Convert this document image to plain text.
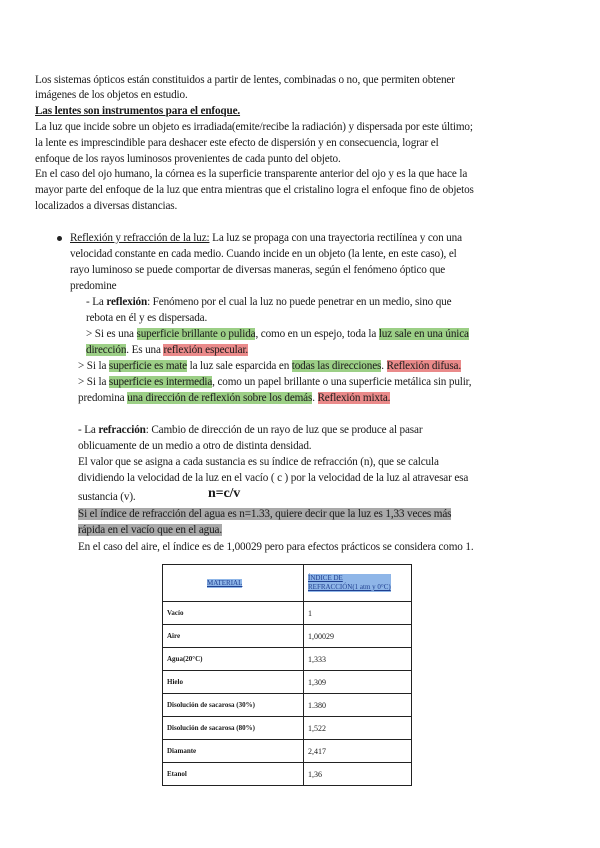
Los sistemas ópticos están constituidos a partir de lentes, combinadas o no, que permiten obtener
imágenes de los objetos en estudio.
Las lentes son instrumentos para el enfoque.
La luz que incide sobre un objeto es irradiada(emite/recibe la radiación) y dispersada por este último;
la lente es imprescindible para deshacer este efecto de dispersión y en consecuencia, lograr el
enfoque de los rayos luminosos provenientes de cada punto del objeto.
En el caso del ojo humano, la córnea es la superficie transparente anterior del ojo y es la que hace la
mayor parte del enfoque de la luz que entra mientras que el cristalino logra el enfoque fino de objetos
localizados a diversas distancias.
Reflexión y refracción de la luz: La luz se propaga con una trayectoria rectilínea y con una
velocidad constante en cada medio. Cuando incide en un objeto (la lente, en este caso), el
rayo luminoso se puede comportar de diversas maneras, según el fenómeno óptico que
predomine
- La reflexión: Fenómeno por el cual la luz no puede penetrar en un medio, sino que
rebota en él y es dispersada.
> Si es una superficie brillante o pulida, como en un espejo, toda la luz sale en una única
dirección. Es una reflexión especular.
> Si la superficie es mate la luz sale esparcida en todas las direcciones. Reflexión difusa.
> Si la superficie es intermedia, como un papel brillante o una superficie metálica sin pulir,
predomina una dirección de reflexión sobre los demás. Reflexión mixta.
- La refracción: Cambio de dirección de un rayo de luz que se produce al pasar
oblicuamente de un medio a otro de distinta densidad.
El valor que se asigna a cada sustancia es su índice de refracción (n), que se calcula
dividiendo la velocidad de la luz en el vacío ( c ) por la velocidad de la luz al atravesar esa
sustancia (v).	n=c/v
Si el índice de refracción del agua es n=1.33, quiere decir que la luz es 1,33 veces más
rápida en el vacío que en el agua.
En el caso del aire, el índice es de 1,00029 pero para efectos prácticos se considera como 1.
MATERIAL	ÍNDICE DE
REFRACCIÓN(1 atm y 0°C)
Vacío	1
Aire	1,00029
Agua(20°C)	1,333
Hielo	1,309
Disolución de sacarosa (30%)	1.380
Disolución de sacarosa (80%)	1,522
Diamante	2,417
Etanol	1,36
